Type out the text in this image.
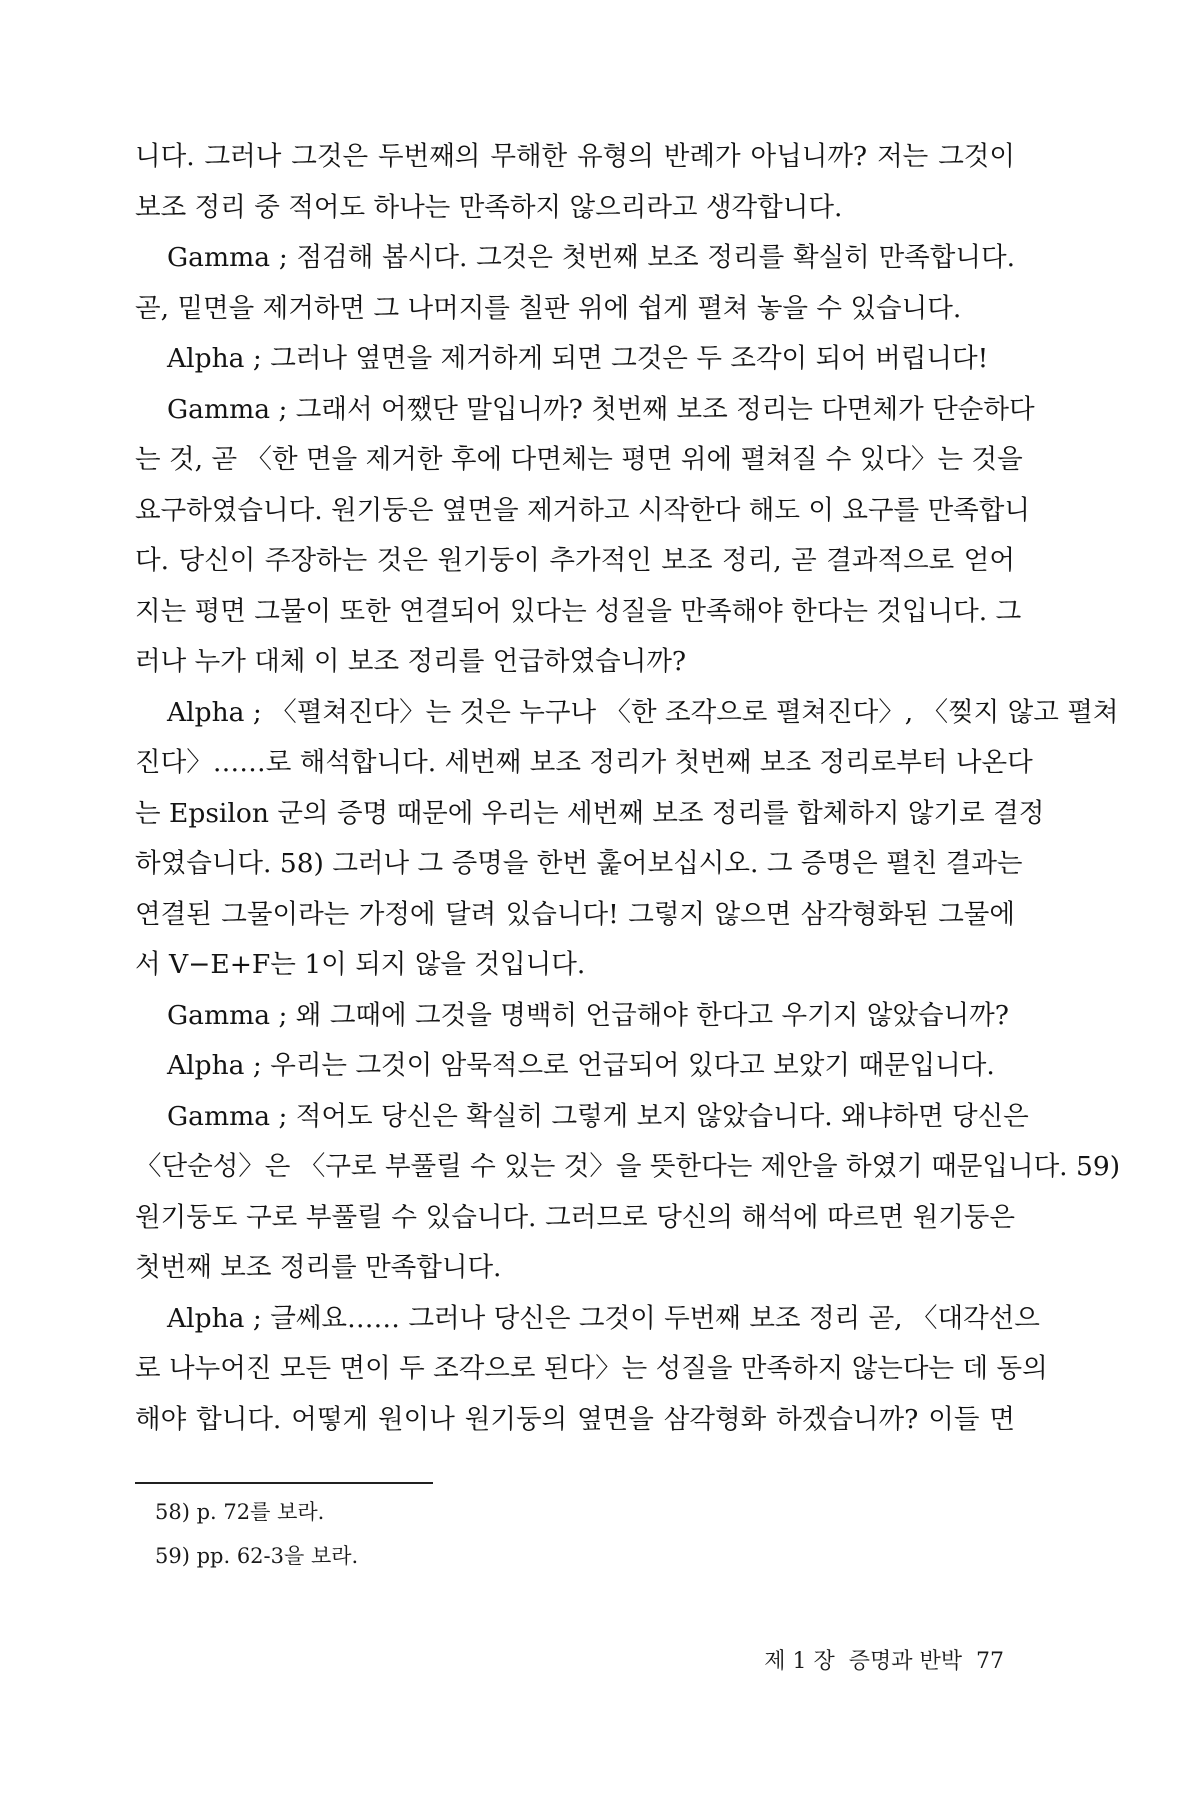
니다. 그러나 그것은 두번째의 무해한 유형의 반례가 아닙니까? 저는 그것이
보조 정리 중 적어도 하나는 만족하지 않으리라고 생각합니다.
Gamma ; 점검해 봅시다. 그것은 첫번째 보조 정리를 확실히 만족합니다.
곧, 밑면을 제거하면 그 나머지를 칠판 위에 쉽게 펼쳐 놓을 수 있습니다.
Alpha ; 그러나 옆면을 제거하게 되면 그것은 두 조각이 되어 버립니다!
Gamma ; 그래서 어쨌단 말입니까? 첫번째 보조 정리는 다면체가 단순하다
는 것, 곧 〈한 면을 제거한 후에 다면체는 평면 위에 펼쳐질 수 있다〉는 것을
요구하였습니다. 원기둥은 옆면을 제거하고 시작한다 해도 이 요구를 만족합니
다. 당신이 주장하는 것은 원기둥이 추가적인 보조 정리, 곧 결과적으로 얻어
지는 평면 그물이 또한 연결되어 있다는 성질을 만족해야 한다는 것입니다. 그
러나 누가 대체 이 보조 정리를 언급하였습니까?
Alpha ; 〈펼쳐진다〉는 것은 누구나 〈한 조각으로 펼쳐진다〉, 〈찢지 않고 펼쳐
진다〉……로 해석합니다. 세번째 보조 정리가 첫번째 보조 정리로부터 나온다
는 Epsilon 군의 증명 때문에 우리는 세번째 보조 정리를 합체하지 않기로 결정
하였습니다. 58) 그러나 그 증명을 한번 훑어보십시오. 그 증명은 펼친 결과는
연결된 그물이라는 가정에 달려 있습니다! 그렇지 않으면 삼각형화된 그물에
서 V−E+F는 1이 되지 않을 것입니다.
Gamma ; 왜 그때에 그것을 명백히 언급해야 한다고 우기지 않았습니까?
Alpha ; 우리는 그것이 암묵적으로 언급되어 있다고 보았기 때문입니다.
Gamma ; 적어도 당신은 확실히 그렇게 보지 않았습니다. 왜냐하면 당신은
〈단순성〉은 〈구로 부풀릴 수 있는 것〉을 뜻한다는 제안을 하였기 때문입니다. 59)
원기둥도 구로 부풀릴 수 있습니다. 그러므로 당신의 해석에 따르면 원기둥은
첫번째 보조 정리를 만족합니다.
Alpha ; 글쎄요…… 그러나 당신은 그것이 두번째 보조 정리 곧, 〈대각선으
로 나누어진 모든 면이 두 조각으로 된다〉는 성질을 만족하지 않는다는 데 동의
해야 합니다. 어떻게 원이나 원기둥의 옆면을 삼각형화 하겠습니까? 이들 면
58) p. 72를 보라.
59) pp. 62-3을 보라.
제 1 장 증명과 반박 77
